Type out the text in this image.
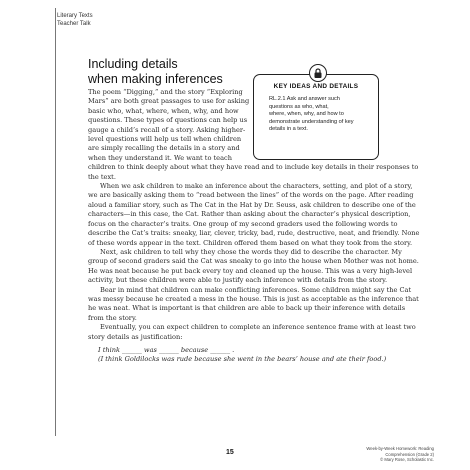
Literary Texts
Teacher Talk
Including details
when making inferences
KEY IDEAS AND DETAILS
RL.2.1 Ask and answer such
questions as who, what,
where, when, why, and how to
demonstrate understanding of key
details in a text.

The poem “Digging,” and the story “Exploring Mars” are both great passages to use for asking basic who, what, where, when, why, and how questions. These types of questions can help us gauge a child’s recall of a story. Asking higher-level questions will help us tell when children are simply recalling the details in a story and when they understand it. We want to teach children to think deeply about what they have read and to include key details in their responses to the text.

When we ask children to make an inference about the characters, setting, and plot of a story, we are basically asking them to “read between the lines” of the words on the page. After reading aloud a familiar story, such as The Cat in the Hat by Dr. Seuss, ask children to describe one of the characters—in this case, the Cat. Rather than asking about the character’s physical description, focus on the character’s traits. One group of my second graders used the following words to describe the Cat’s traits: sneaky, liar, clever, tricky, bad, rude, destructive, neat, and friendly. None of these words appear in the text. Children offered them based on what they took from the story.

Next, ask children to tell why they chose the words they did to describe the character. My group of second graders said the Cat was sneaky to go into the house when Mother was not home. He was neat because he put back every toy and cleaned up the house. This was a very high-level activity, but these children were able to justify each inference with details from the story.

Bear in mind that children can make conflicting inferences. Some children might say the Cat was messy because he created a mess in the house. This is just as acceptable as the inference that he was neat. What is important is that children are able to back up their inference with details from the story.

Eventually, you can expect children to complete an inference sentence frame with at least two story details as justification:

I think ______ was ______ because ______ .
(I think Goldilocks was rude because she went in the bears’ house and ate their food.)
15
Week-by-Week Homework: Reading Comprehension (Grade 2)
© Mary Rose, Scholastic Inc.
